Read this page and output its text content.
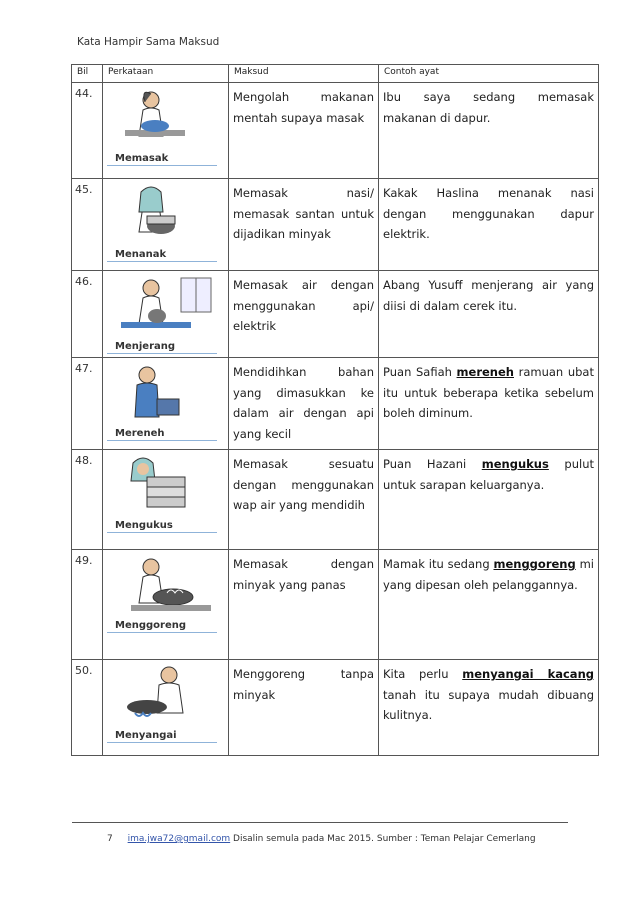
Kata Hampir Sama Maksud
Bil	Perkataan	Maksud	Contoh ayat
44.	Memasak	Mengolah makanan mentah supaya masak	Ibu saya sedang memasak makanan di dapur.
45.	Menanak	Memasak nasi/ memasak santan untuk dijadikan minyak	Kakak Haslina menanak nasi dengan menggunakan dapur elektrik.
46.	Menjerang	Memasak air dengan menggunakan api/ elektrik	Abang Yusuff menjerang air yang diisi di dalam cerek itu.
47.	Mereneh	Mendidihkan bahan yang dimasukkan ke dalam air dengan api yang kecil	Puan Safiah mereneh ramuan ubat itu untuk beberapa ketika sebelum boleh diminum.
48.	Mengukus	Memasak sesuatu dengan menggunakan wap air yang mendidih	Puan Hazani mengukus pulut untuk sarapan keluarganya.
49.	Menggoreng	Memasak dengan minyak yang panas	Mamak itu sedang menggoreng mi yang dipesan oleh pelanggannya.
50.	Menyangai	Menggoreng tanpa minyak	Kita perlu menyangai kacang tanah itu supaya mudah dibuang kulitnya.
7 ima.jwa72@gmail.com Disalin semula pada Mac 2015. Sumber : Teman Pelajar Cemerlang
